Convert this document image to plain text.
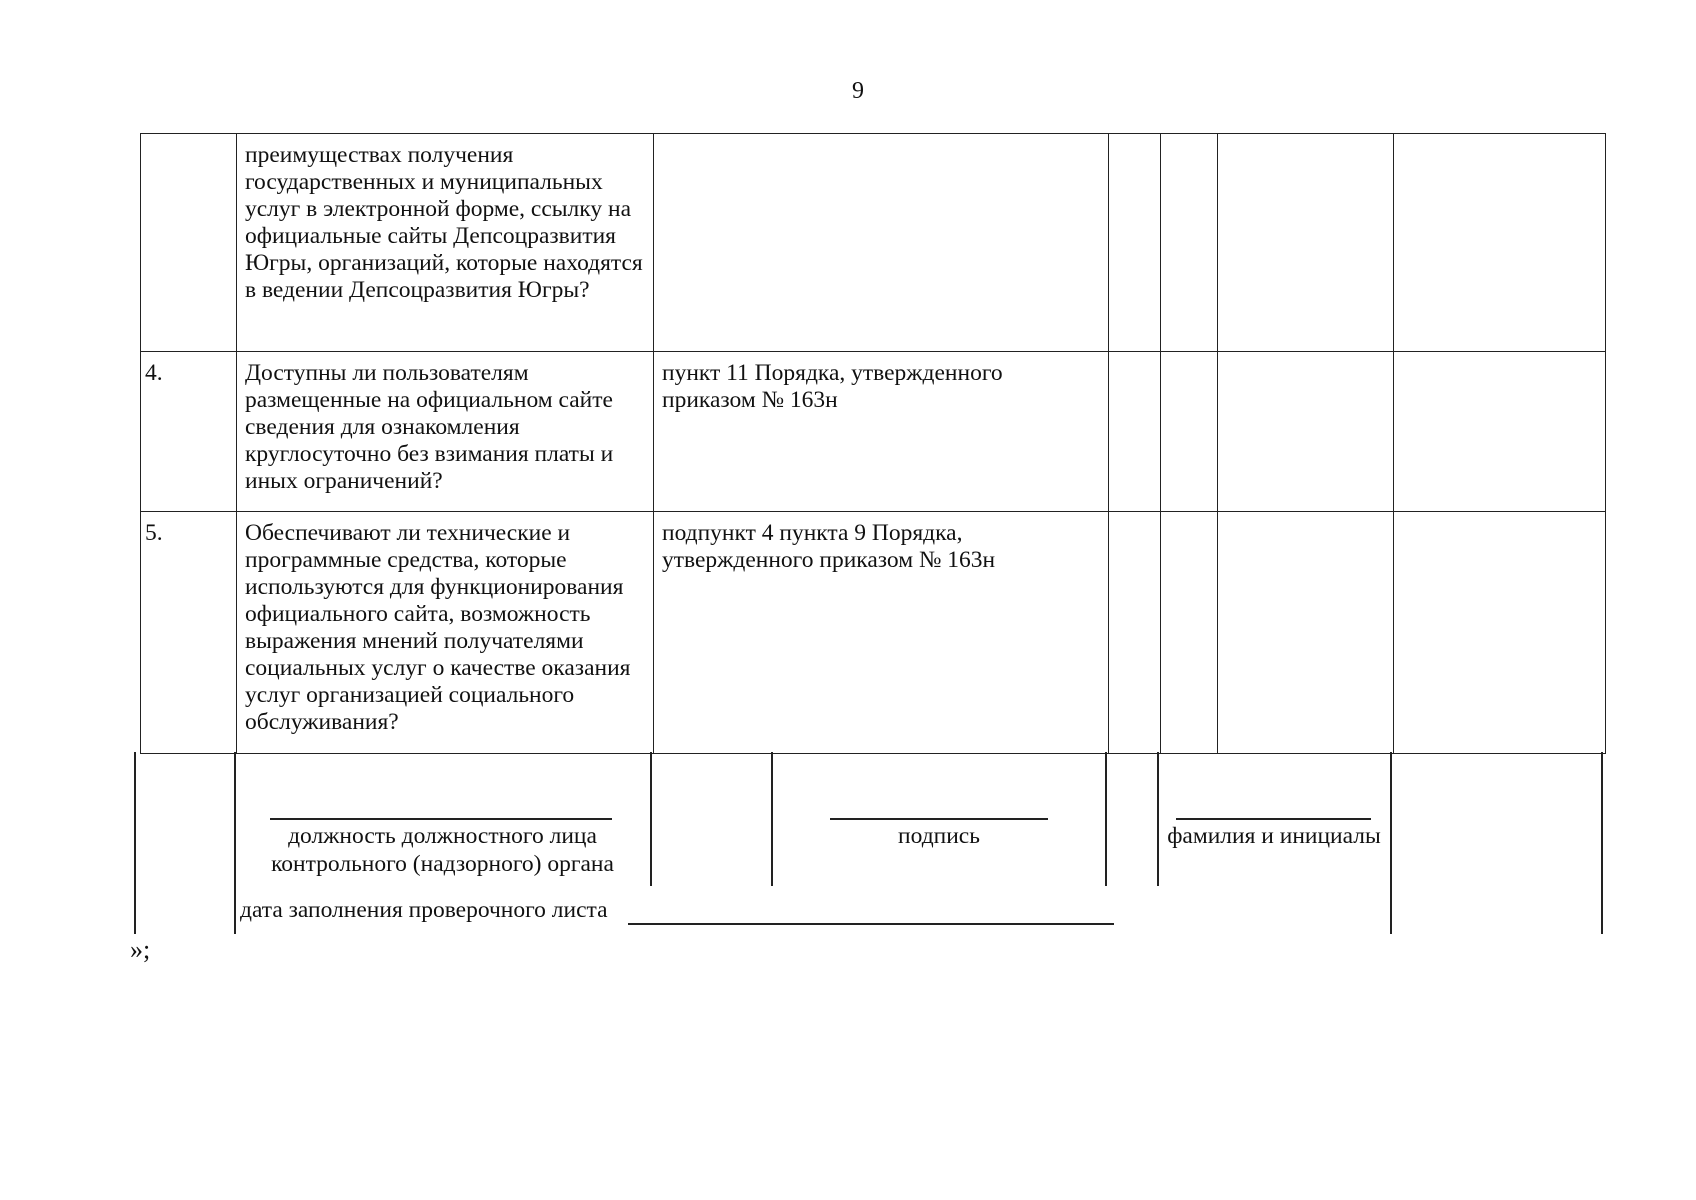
9
	преимуществах получения государственных и муниципальных услуг в электронной форме, ссылку на официальные сайты Депсоцразвития Югры, организаций, которые находятся в ведении Депсоцразвития Югры?					
4.	Доступны ли пользователям размещенные на официальном сайте сведения для ознакомления круглосуточно без взимания платы и иных ограничений?	пункт 11 Порядка, утвержденного приказом № 163н				
5.	Обеспечивают ли технические и программные средства, которые используются для функционирования официального сайта, возможность выражения мнений получателями социальных услуг о качестве оказания услуг организацией социального обслуживания?	подпункт 4 пункта 9 Порядка, утвержденного приказом № 163н				
должность должностного лица контрольного (надзорного) органа
подпись	фамилия и инициалы
дата заполнения проверочного листа
»;
